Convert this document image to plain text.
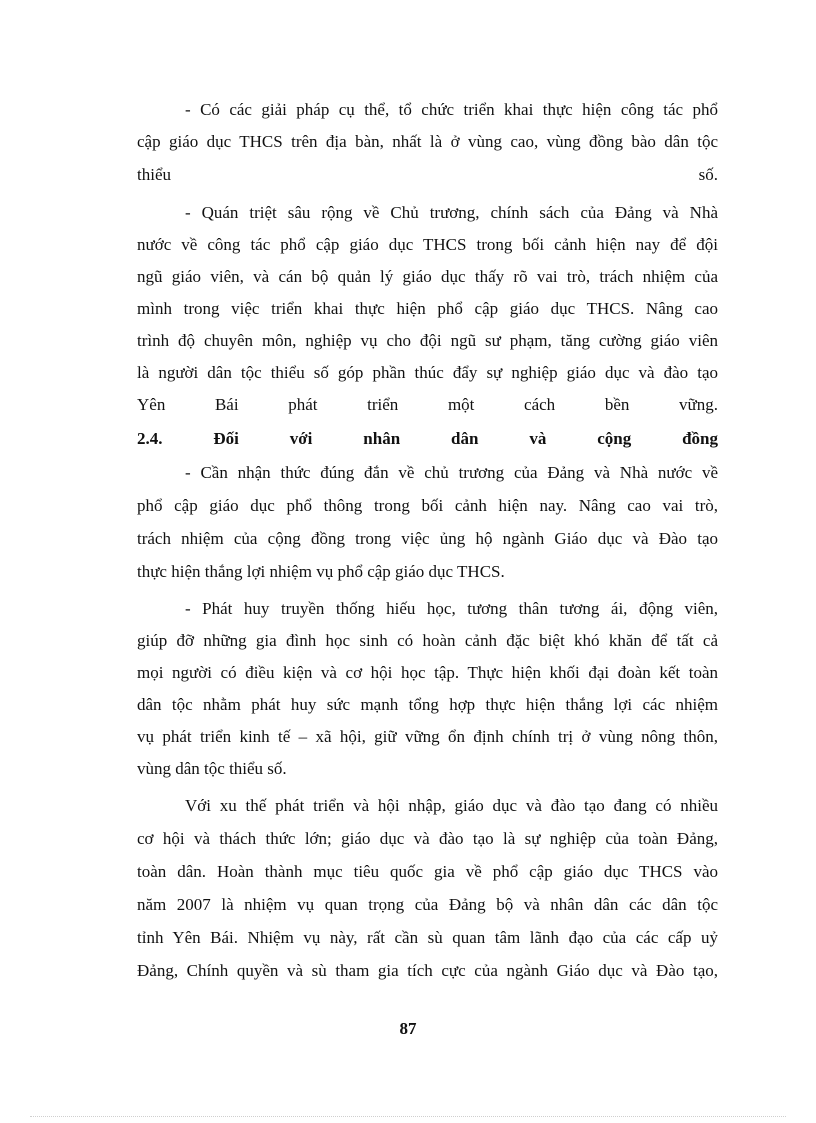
- Có các giải pháp cụ thể, tổ chức triển khai thực hiện công tác phổ
cập giáo dục THCS trên địa bàn, nhất là ở vùng cao, vùng đồng bào dân tộc
thiểu số.
- Quán triệt sâu rộng về Chủ trương, chính sách của Đảng và Nhà
nước về công tác phổ cập giáo dục THCS trong bối cảnh hiện nay để đội
ngũ giáo viên, và cán bộ quản lý giáo dục thấy rõ vai trò, trách nhiệm của
mình trong việc triển khai thực hiện phổ cập giáo dục THCS. Nâng cao
trình độ chuyên môn, nghiệp vụ cho đội ngũ sư phạm, tăng cường giáo viên
là người dân tộc thiểu số góp phần thúc đẩy sự nghiệp giáo dục và đào tạo
Yên Bái phát triển một cách bền vững.
2.4. Đối với nhân dân và cộng đồng
- Cần nhận thức đúng đắn về chủ trương của Đảng và Nhà nước về
phổ cập giáo dục phổ thông trong bối cảnh hiện nay. Nâng cao vai trò,
trách nhiệm của cộng đồng trong việc ủng hộ ngành Giáo dục và Đào tạo
thực hiện thắng lợi nhiệm vụ phổ cập giáo dục THCS.
- Phát huy truyền thống hiếu học, tương thân tương ái, động viên,
giúp đỡ những gia đình học sinh có hoàn cảnh đặc biệt khó khăn để tất cả
mọi người có điều kiện và cơ hội học tập. Thực hiện khối đại đoàn kết toàn
dân tộc nhằm phát huy sức mạnh tổng hợp thực hiện thắng lợi các nhiệm
vụ phát triển kinh tế – xã hội, giữ vững ổn định chính trị ở vùng nông thôn,
vùng dân tộc thiểu số.
Với xu thế phát triển và hội nhập, giáo dục và đào tạo đang có nhiều
cơ hội và thách thức lớn; giáo dục và đào tạo là sự nghiệp của toàn Đảng,
toàn dân. Hoàn thành mục tiêu quốc gia về phổ cập giáo dục THCS vào
năm 2007 là nhiệm vụ quan trọng của Đảng bộ và nhân dân các dân tộc
tỉnh Yên Bái. Nhiệm vụ này, rất cần sù quan tâm lãnh đạo của các cấp uỷ
Đảng, Chính quyền và sù tham gia tích cực của ngành Giáo dục và Đào tạo,
87
